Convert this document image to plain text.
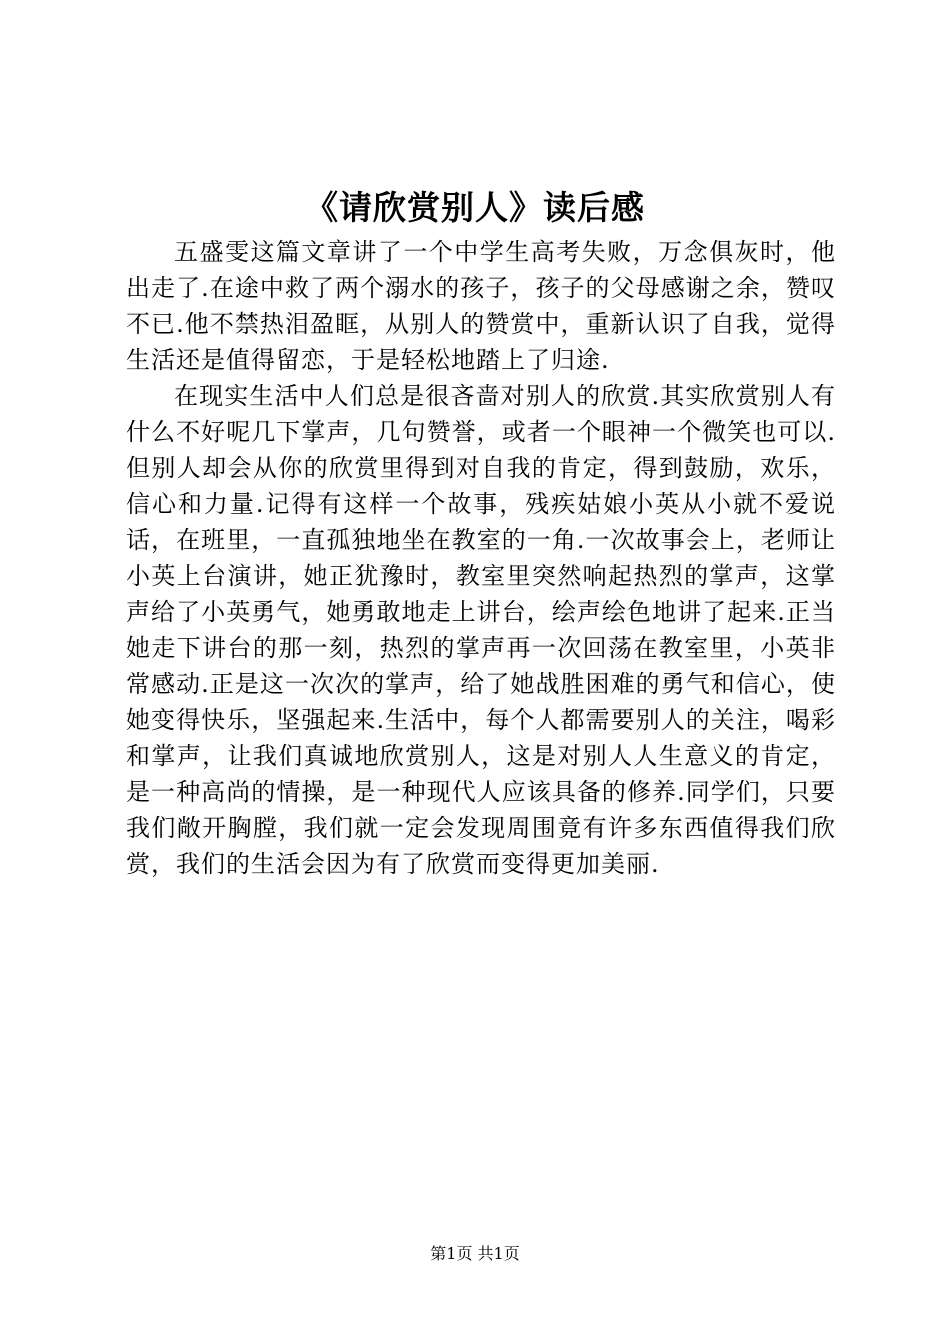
《请欣赏别人》读后感

五盛雯这篇文章讲了一个中学生高考失败，万念俱灰时，他出走了.在途中救了两个溺水的孩子，孩子的父母感谢之余，赞叹不已.他不禁热泪盈眶，从别人的赞赏中，重新认识了自我，觉得生活还是值得留恋，于是轻松地踏上了归途.

在现实生活中人们总是很吝啬对别人的欣赏.其实欣赏别人有什么不好呢几下掌声，几句赞誉，或者一个眼神一个微笑也可以.但别人却会从你的欣赏里得到对自我的肯定，得到鼓励，欢乐，信心和力量.记得有这样一个故事，残疾姑娘小英从小就不爱说话，在班里，一直孤独地坐在教室的一角.一次故事会上，老师让小英上台演讲，她正犹豫时，教室里突然响起热烈的掌声，这掌声给了小英勇气，她勇敢地走上讲台，绘声绘色地讲了起来.正当她走下讲台的那一刻，热烈的掌声再一次回荡在教室里，小英非常感动.正是这一次次的掌声，给了她战胜困难的勇气和信心，使她变得快乐，坚强起来.生活中，每个人都需要别人的关注，喝彩和掌声，让我们真诚地欣赏别人，这是对别人人生意义的肯定，是一种高尚的情操，是一种现代人应该具备的修养.同学们，只要我们敞开胸膛，我们就一定会发现周围竟有许多东西值得我们欣赏，我们的生活会因为有了欣赏而变得更加美丽.

第1页 共1页
